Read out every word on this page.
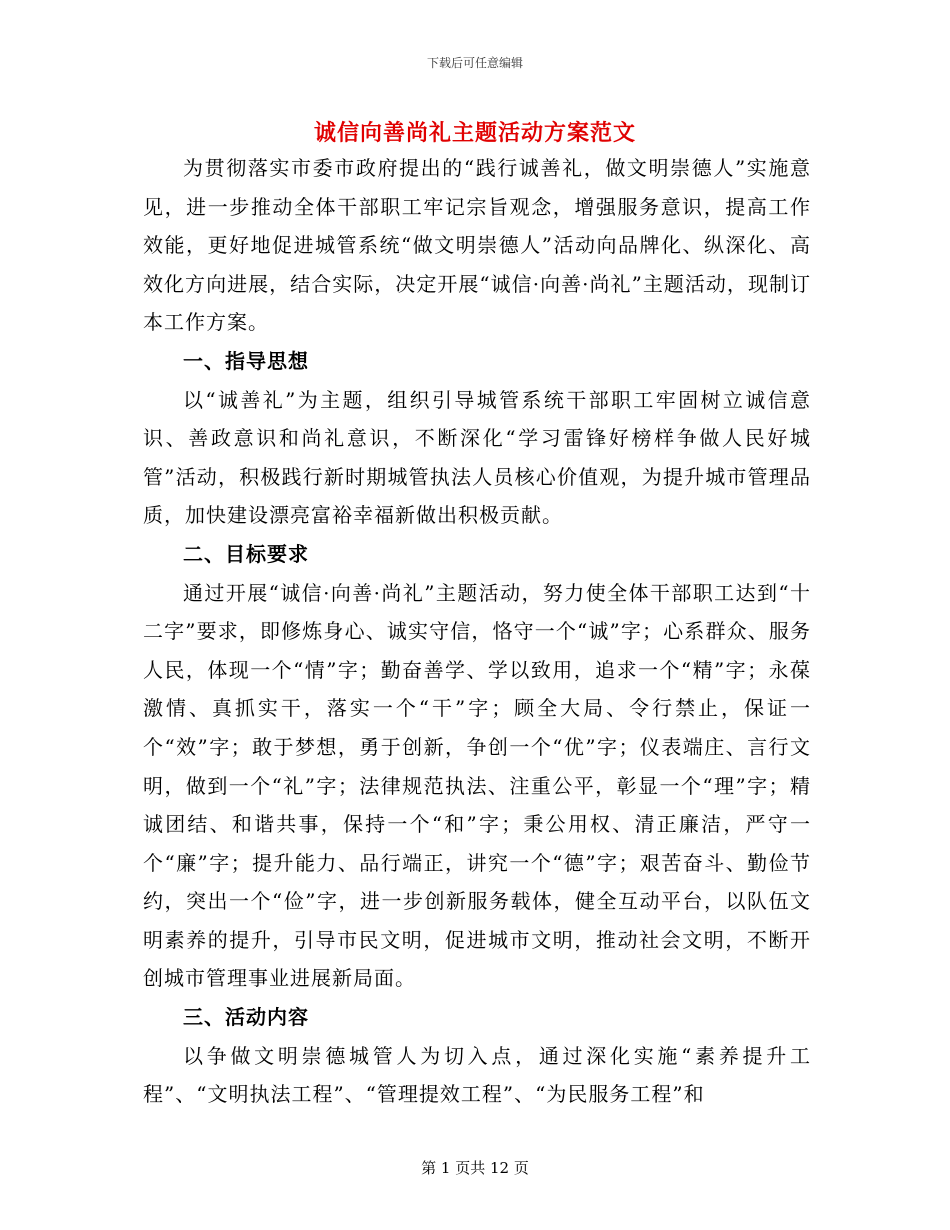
下载后可任意编辑
诚信向善尚礼主题活动方案范文

为贯彻落实市委市政府提出的“践行诚善礼，做文明崇德人”实施意见，进一步推动全体干部职工牢记宗旨观念，增强服务意识，提高工作效能，更好地促进城管系统“做文明崇德人”活动向品牌化、纵深化、高效化方向进展，结合实际，决定开展“诚信·向善·尚礼”主题活动，现制订本工作方案。

一、指导思想

以“诚善礼”为主题，组织引导城管系统干部职工牢固树立诚信意识、善政意识和尚礼意识，不断深化“学习雷锋好榜样争做人民好城管”活动，积极践行新时期城管执法人员核心价值观，为提升城市管理品质，加快建设漂亮富裕幸福新做出积极贡献。

二、目标要求

通过开展“诚信·向善·尚礼”主题活动，努力使全体干部职工达到“十二字”要求，即修炼身心、诚实守信，恪守一个“诚”字；心系群众、服务人民，体现一个“情”字；勤奋善学、学以致用，追求一个“精”字；永葆激情、真抓实干，落实一个“干”字；顾全大局、令行禁止，保证一个“效”字；敢于梦想，勇于创新，争创一个“优”字；仪表端庄、言行文明，做到一个“礼”字；法律规范执法、注重公平，彰显一个“理”字；精诚团结、和谐共事，保持一个“和”字；秉公用权、清正廉洁，严守一个“廉”字；提升能力、品行端正，讲究一个“德”字；艰苦奋斗、勤俭节约，突出一个“俭”字，进一步创新服务载体，健全互动平台，以队伍文明素养的提升，引导市民文明，促进城市文明，推动社会文明，不断开创城市管理事业进展新局面。

三、活动内容

以争做文明崇德城管人为切入点，通过深化实施“素养提升工程”、“文明执法工程”、“管理提效工程”、“为民服务工程”和

第 1 页共 12 页
